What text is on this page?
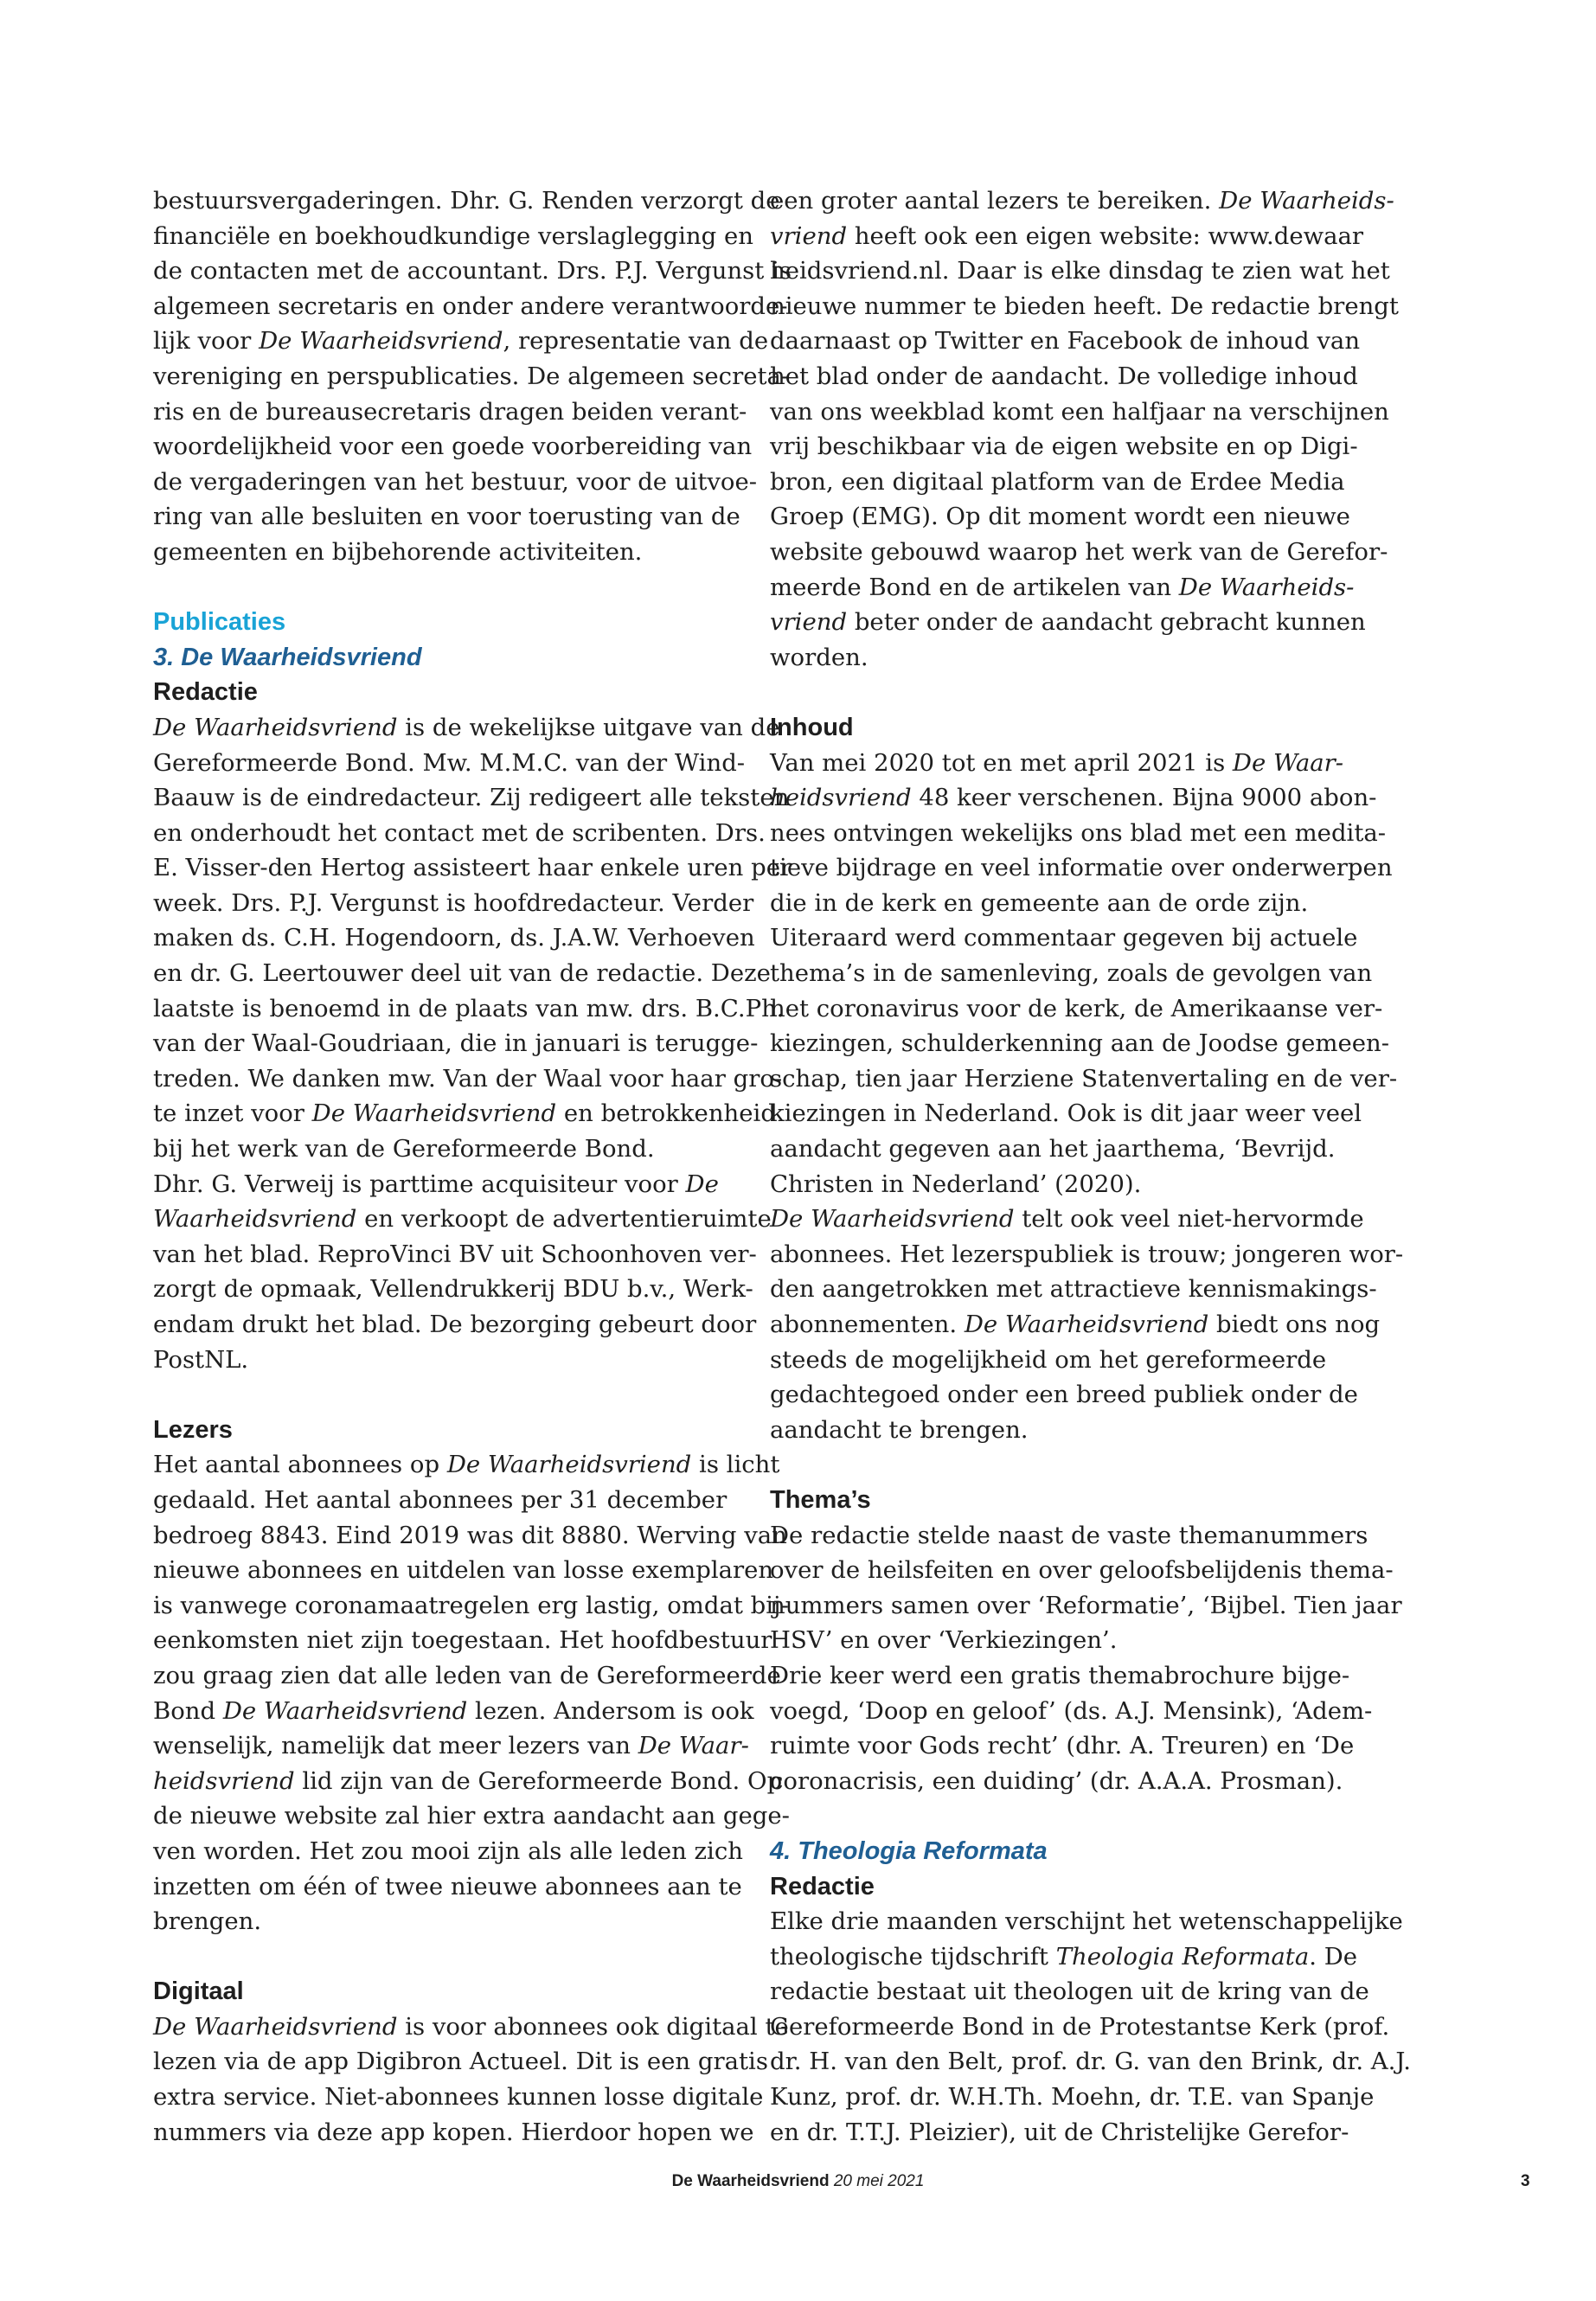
bestuursvergaderingen. Dhr. G. Renden verzorgt de
financiële en boekhoudkundige verslaglegging en
de contacten met de accountant. Drs. P.J. Vergunst is
algemeen secretaris en onder andere verantwoorde-
lijk voor De Waarheidsvriend, representatie van de
vereniging en perspublicaties. De algemeen secreta-
ris en de bureausecretaris dragen beiden verant-
woordelijkheid voor een goede voorbereiding van
de vergaderingen van het bestuur, voor de uitvoe-
ring van alle besluiten en voor toerusting van de
gemeenten en bijbehorende activiteiten.

Publicaties
3. De Waarheidsvriend
Redactie

De Waarheidsvriend is de wekelijkse uitgave van de
Gereformeerde Bond. Mw. M.M.C. van der Wind-
Baauw is de eindredacteur. Zij redigeert alle teksten
en onderhoudt het contact met de scribenten. Drs.
E. Visser-den Hertog assisteert haar enkele uren per
week. Drs. P.J. Vergunst is hoofdredacteur. Verder
maken ds. C.H. Hogendoorn, ds. J.A.W. Verhoeven
en dr. G. Leertouwer deel uit van de redactie. Deze
laatste is benoemd in de plaats van mw. drs. B.C.Ph.
van der Waal-Goudriaan, die in januari is terugge-
treden. We danken mw. Van der Waal voor haar gro-
te inzet voor De Waarheidsvriend en betrokkenheid
bij het werk van de Gereformeerde Bond.
Dhr. G. Verweij is parttime acquisiteur voor De
Waarheidsvriend en verkoopt de advertentieruimte
van het blad. ReproVinci BV uit Schoonhoven ver-
zorgt de opmaak, Vellendrukkerij BDU b.v., Werk-
endam drukt het blad. De bezorging gebeurt door
PostNL.

Lezers

Het aantal abonnees op De Waarheidsvriend is licht
gedaald. Het aantal abonnees per 31 december
bedroeg 8843. Eind 2019 was dit 8880. Werving van
nieuwe abonnees en uitdelen van losse exemplaren
is vanwege coronamaatregelen erg lastig, omdat bij-
eenkomsten niet zijn toegestaan. Het hoofdbestuur
zou graag zien dat alle leden van de Gereformeerde
Bond De Waarheidsvriend lezen. Andersom is ook
wenselijk, namelijk dat meer lezers van De Waar-
heidsvriend lid zijn van de Gereformeerde Bond. Op
de nieuwe website zal hier extra aandacht aan gege-
ven worden. Het zou mooi zijn als alle leden zich
inzetten om één of twee nieuwe abonnees aan te
brengen.

Digitaal

De Waarheidsvriend is voor abonnees ook digitaal te
lezen via de app Digibron Actueel. Dit is een gratis
extra service. Niet-abonnees kunnen losse digitale
nummers via deze app kopen. Hierdoor hopen we

een groter aantal lezers te bereiken. De Waarheids-
vriend heeft ook een eigen website: www.dewaar
heidsvriend.nl. Daar is elke dinsdag te zien wat het
nieuwe nummer te bieden heeft. De redactie brengt
daarnaast op Twitter en Facebook de inhoud van
het blad onder de aandacht. De volledige inhoud
van ons weekblad komt een halfjaar na verschijnen
vrij beschikbaar via de eigen website en op Digi-
bron, een digitaal platform van de Erdee Media
Groep (EMG). Op dit moment wordt een nieuwe
website gebouwd waarop het werk van de Gerefor-
meerde Bond en de artikelen van De Waarheids-
vriend beter onder de aandacht gebracht kunnen
worden.

Inhoud

Van mei 2020 tot en met april 2021 is De Waar-
heidsvriend 48 keer verschenen. Bijna 9000 abon-
nees ontvingen wekelijks ons blad met een medita-
tieve bijdrage en veel informatie over onderwerpen
die in de kerk en gemeente aan de orde zijn.
Uiteraard werd commentaar gegeven bij actuele
thema’s in de samenleving, zoals de gevolgen van
het coronavirus voor de kerk, de Amerikaanse ver-
kiezingen, schulderkenning aan de Joodse gemeen-
schap, tien jaar Herziene Statenvertaling en de ver-
kiezingen in Nederland. Ook is dit jaar weer veel
aandacht gegeven aan het jaarthema, ‘Bevrijd.
Christen in Nederland’ (2020).
De Waarheidsvriend telt ook veel niet-hervormde
abonnees. Het lezerspubliek is trouw; jongeren wor-
den aangetrokken met attractieve kennismakings-
abonnementen. De Waarheidsvriend biedt ons nog
steeds de mogelijkheid om het gereformeerde
gedachtegoed onder een breed publiek onder de
aandacht te brengen.

Thema’s

De redactie stelde naast de vaste themanummers
over de heilsfeiten en over geloofsbelijdenis thema-
nummers samen over ‘Reformatie’, ‘Bijbel. Tien jaar
HSV’ en over ‘Verkiezingen’.
Drie keer werd een gratis themabrochure bijge-
voegd, ‘Doop en geloof’ (ds. A.J. Mensink), ‘Adem-
ruimte voor Gods recht’ (dhr. A. Treuren) en ‘De
coronacrisis, een duiding’ (dr. A.A.A. Prosman).

4. Theologia Reformata
Redactie

Elke drie maanden verschijnt het wetenschappelijke
theologische tijdschrift Theologia Reformata. De
redactie bestaat uit theologen uit de kring van de
Gereformeerde Bond in de Protestantse Kerk (prof.
dr. H. van den Belt, prof. dr. G. van den Brink, dr. A.J.
Kunz, prof. dr. W.H.Th. Moehn, dr. T.E. van Spanje
en dr. T.T.J. Pleizier), uit de Christelijke Gerefor-

De Waarheidsvriend 20 mei 2021	3
